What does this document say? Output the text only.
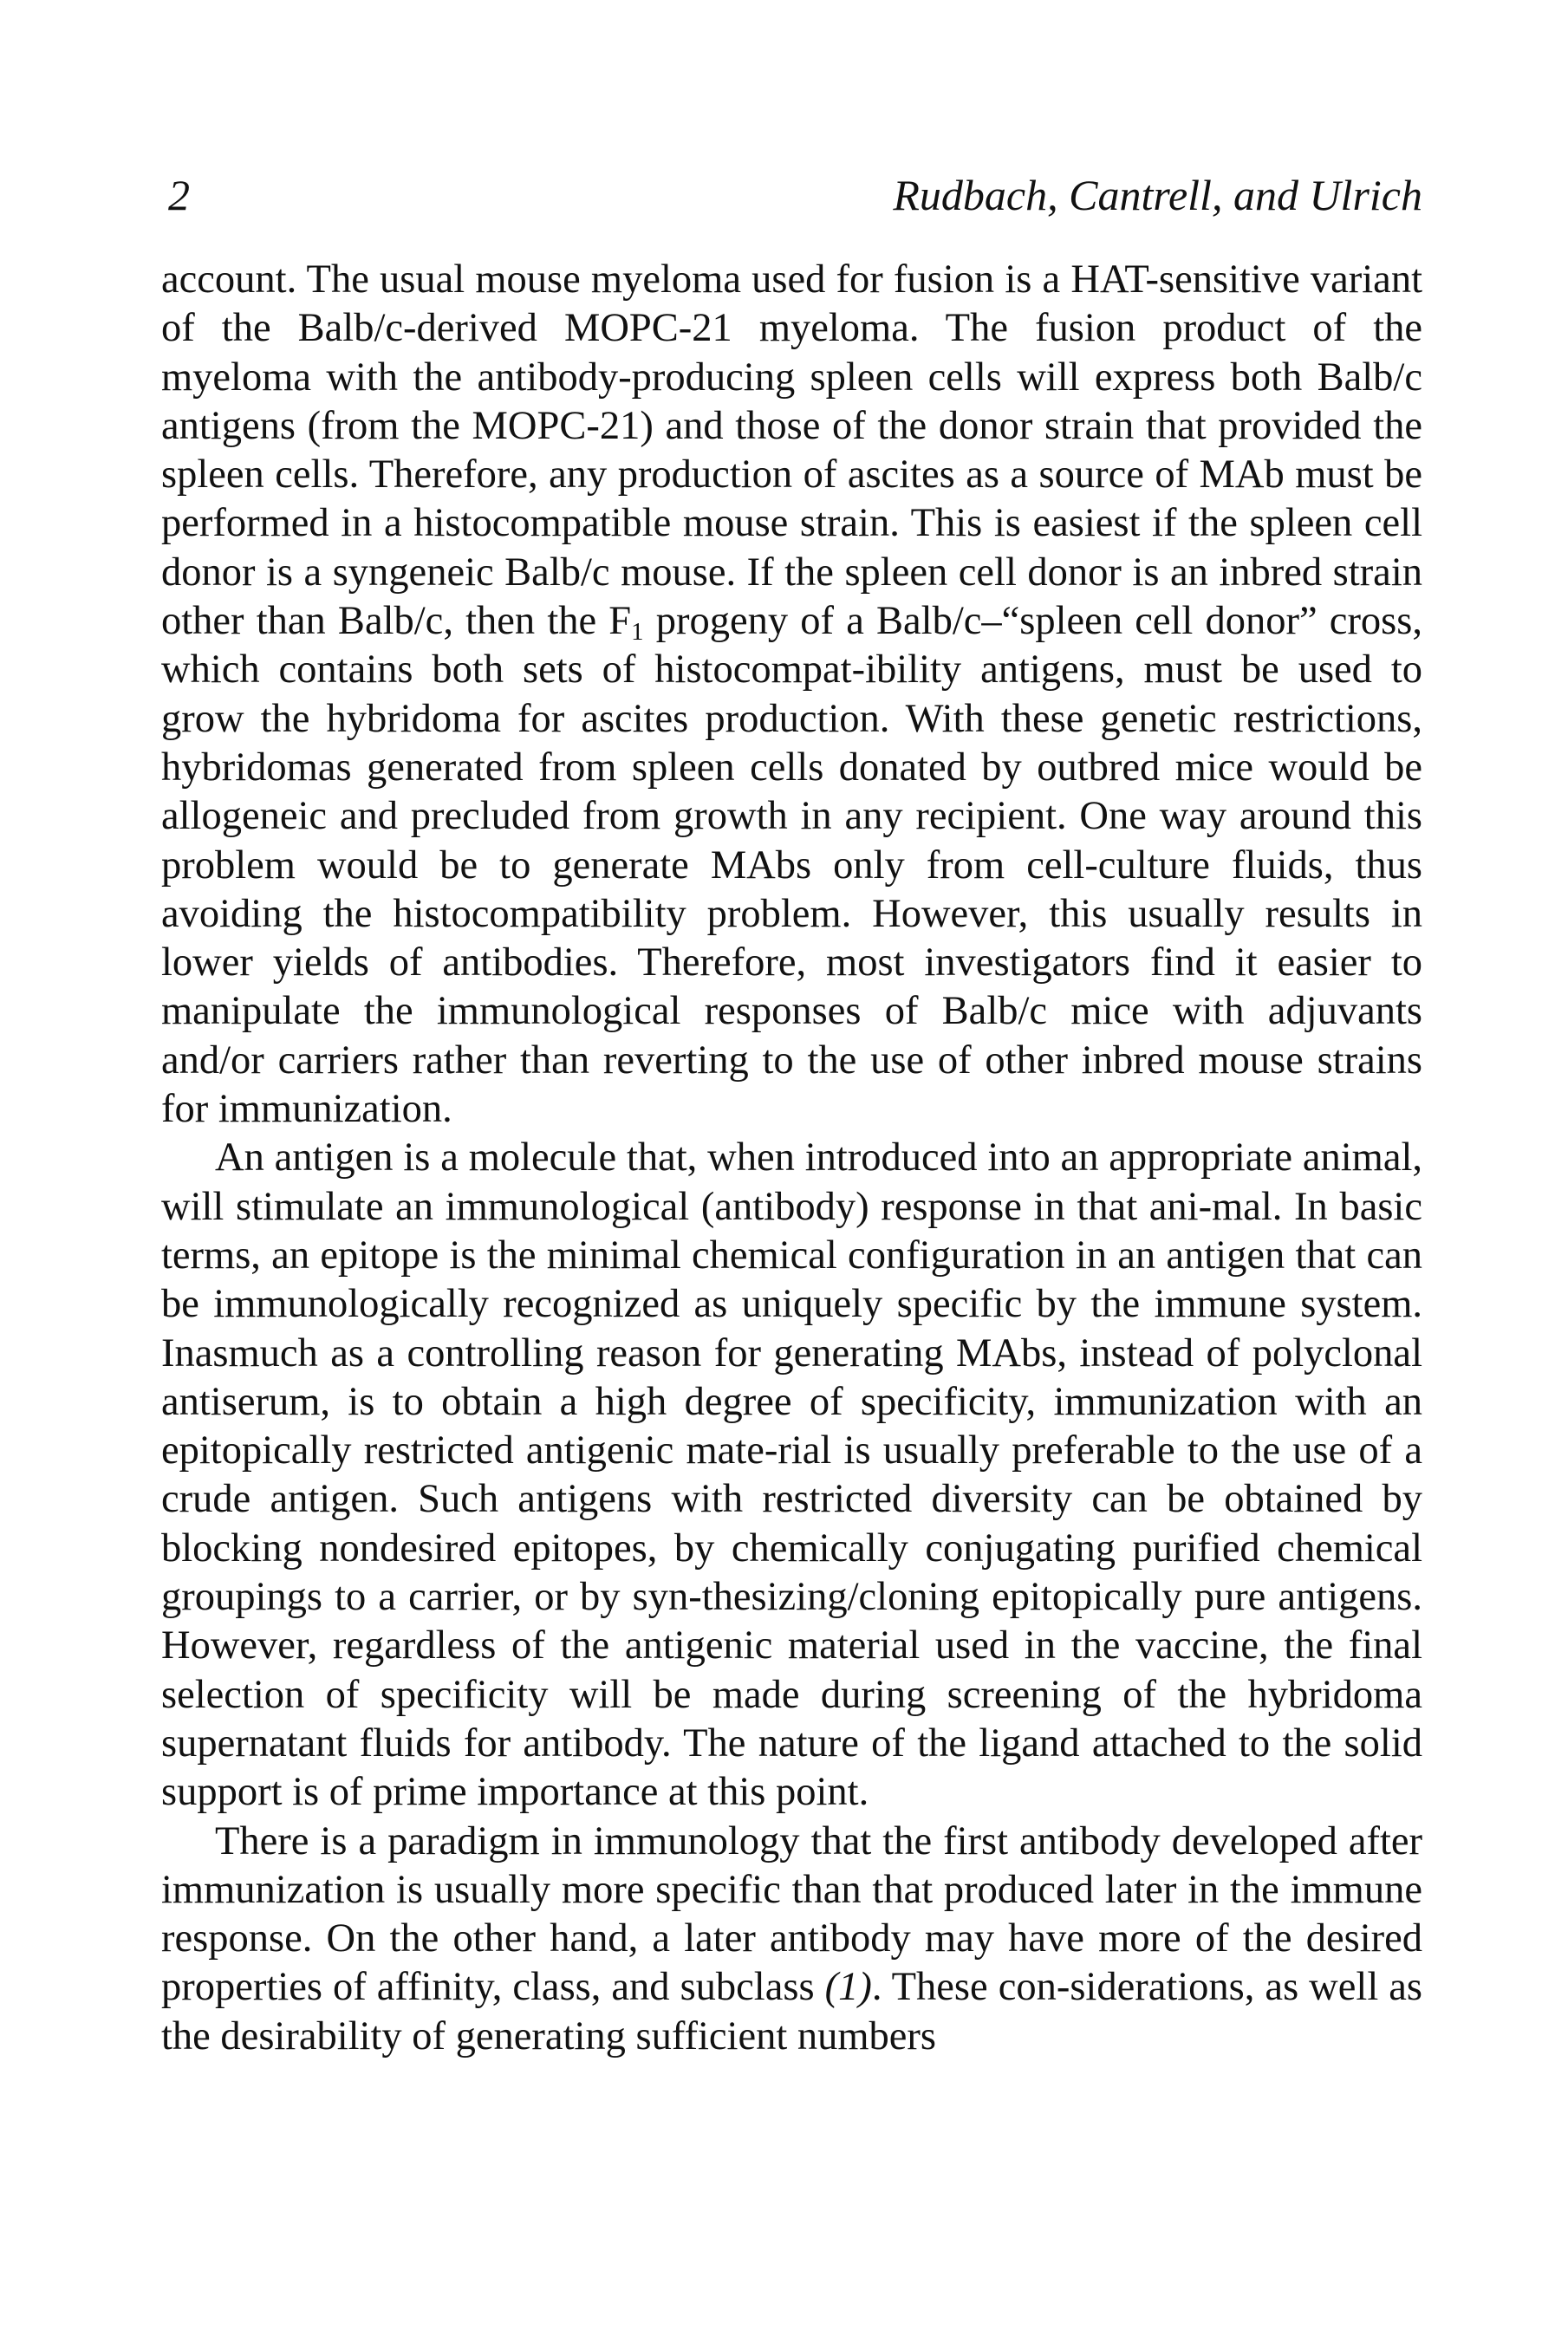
2	Rudbach, Cantrell, and Ulrich

account. The usual mouse myeloma used for fusion is a HAT-sensitive variant of the Balb/c-derived MOPC-21 myeloma. The fusion product of the myeloma with the antibody-producing spleen cells will express both Balb/c antigens (from the MOPC-21) and those of the donor strain that provided the spleen cells. Therefore, any production of ascites as a source of MAb must be performed in a histocompatible mouse strain. This is easiest if the spleen cell donor is a syngeneic Balb/c mouse. If the spleen cell donor is an inbred strain other than Balb/c, then the $F_1$ progeny of a Balb/c–“spleen cell donor” cross, which contains both sets of histocompat-ibility antigens, must be used to grow the hybridoma for ascites production. With these genetic restrictions, hybridomas generated from spleen cells donated by outbred mice would be allogeneic and precluded from growth in any recipient. One way around this problem would be to generate MAbs only from cell-culture fluids, thus avoiding the histocompatibility problem. However, this usually results in lower yields of antibodies. Therefore, most investigators find it easier to manipulate the immunological responses of Balb/c mice with adjuvants and/or carriers rather than reverting to the use of other inbred mouse strains for immunization.

An antigen is a molecule that, when introduced into an appropriate animal, will stimulate an immunological (antibody) response in that ani-mal. In basic terms, an epitope is the minimal chemical configuration in an antigen that can be immunologically recognized as uniquely specific by the immune system. Inasmuch as a controlling reason for generating MAbs, instead of polyclonal antiserum, is to obtain a high degree of specificity, immunization with an epitopically restricted antigenic mate-rial is usually preferable to the use of a crude antigen. Such antigens with restricted diversity can be obtained by blocking nondesired epitopes, by chemically conjugating purified chemical groupings to a carrier, or by syn-thesizing/cloning epitopically pure antigens. However, regardless of the antigenic material used in the vaccine, the final selection of specificity will be made during screening of the hybridoma supernatant fluids for antibody. The nature of the ligand attached to the solid support is of prime importance at this point.

There is a paradigm in immunology that the first antibody developed after immunization is usually more specific than that produced later in the immune response. On the other hand, a later antibody may have more of the desired properties of affinity, class, and subclass (1). These con-siderations, as well as the desirability of generating sufficient numbers
